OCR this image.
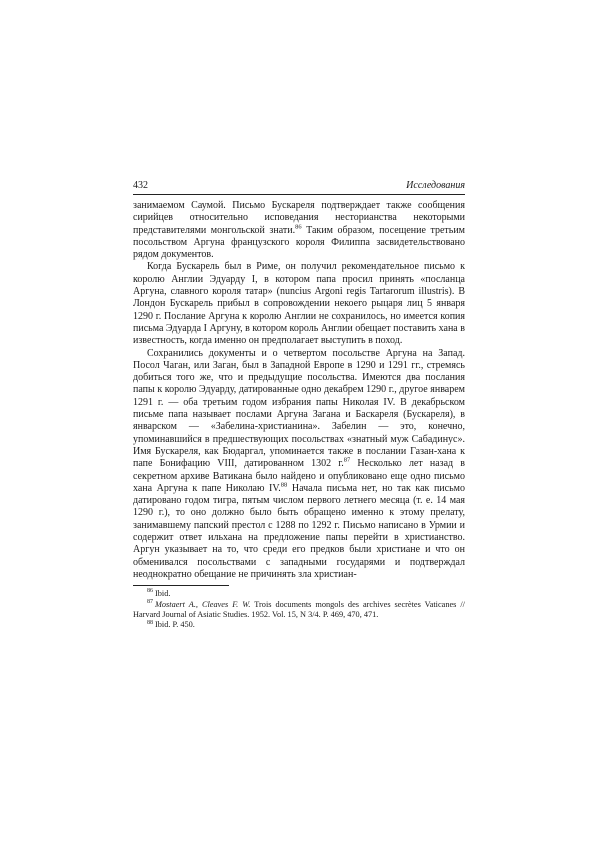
432	Исследования

занимаемом Саумой. Письмо Бускареля подтверждает также сообщения сирийцев относительно исповедания несторианства некоторыми представителями монгольской знати.$^{86}$ Таким образом, посещение третьим посольством Аргуна французского короля Филиппа засвидетельствовано рядом документов.

Когда Бускарель был в Риме, он получил рекомендательное письмо к королю Англии Эдуарду I, в котором папа просил принять «посланца Аргуна, славного короля татар» (nuncius Argoni regis Tartarorum illustris). В Лондон Бускарель прибыл в сопровождении некоего рыцаря лиц 5 января 1290 г. Послание Аргуна к королю Англии не сохранилось, но имеется копия письма Эдуарда I Аргуну, в котором король Англии обещает поставить хана в известность, когда именно он предполагает выступить в поход.

Сохранились документы и о четвертом посольстве Аргуна на Запад. Посол Чаган, или Заган, был в Западной Европе в 1290 и 1291 гг., стремясь добиться того же, что и предыдущие посольства. Имеются два послания папы к королю Эдуарду, датированные одно декабрем 1290 г., другое январем 1291 г. — оба третьим годом избрания папы Николая IV. В декабрьском письме папа называет послами Аргуна Загана и Баскареля (Бускареля), в январском — «Забелина-христианина». Забелин — это, конечно, упоминавшийся в предшествующих посольствах «знатный муж Сабадинус». Имя Бускареля, как Бюдаргал, упоминается также в послании Газан-хана к папе Бонифацию VIII, датированном 1302 г.$^{87}$ Несколько лет назад в секретном архиве Ватикана было найдено и опубликовано еще одно письмо хана Аргуна к папе Николаю IV.$^{88}$ Начала письма нет, но так как письмо датировано годом тигра, пятым числом первого летнего месяца (т. е. 14 мая 1290 г.), то оно должно было быть обращено именно к этому прелату, занимавшему папский престол с 1288 по 1292 г. Письмо написано в Урмии и содержит ответ ильхана на предложение папы перейти в христианство. Аргун указывает на то, что среди его предков были христиане и что он обменивался посольствами с западными государями и подтверждал неоднократно обещание не причинять зла христиан-

$^{86}$ Ibid.

$^{87}$ Mostaert A., Cleaves F. W. Trois documents mongols des archives secrètes Vaticanes // Harvard Journal of Asiatic Studies. 1952. Vol. 15, N 3/4. P. 469, 470, 471.

$^{88}$ Ibid. P. 450.
